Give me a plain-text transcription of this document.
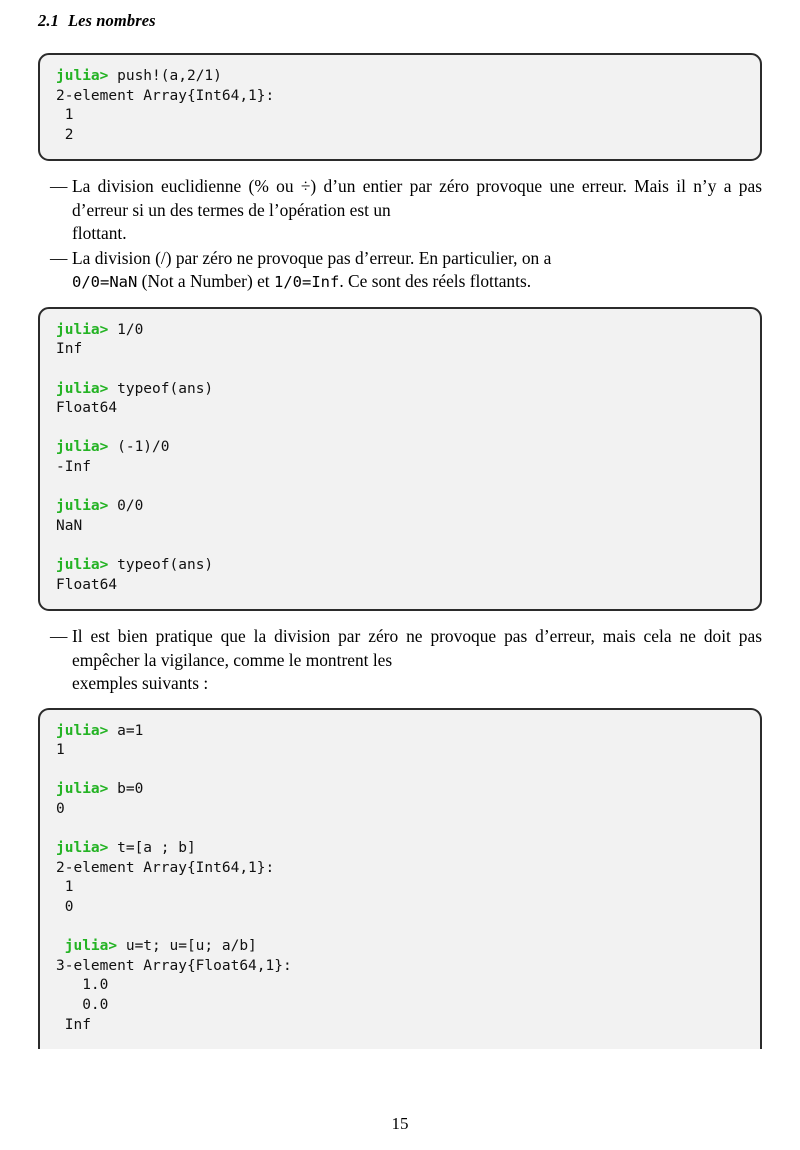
2.1 Les nombres
julia> push!(a,2/1)
2-element Array{Int64,1}:
1
2
— La division euclidienne (% ou ÷) d’un entier par zéro provoque une erreur. Mais il n’y a pas d’erreur si un des termes de l’opération est un
flottant.
— La division (/) par zéro ne provoque pas d’erreur. En particulier, on a
0/0=NaN (Not a Number) et 1/0=Inf. Ce sont des réels flottants.
julia> 1/0
Inf

julia> typeof(ans)
Float64

julia> (-1)/0
-Inf

julia> 0/0
NaN

julia> typeof(ans)
Float64
— Il est bien pratique que la division par zéro ne provoque pas d’erreur, mais cela ne doit pas empêcher la vigilance, comme le montrent les
exemples suivants :
julia> a=1
1

julia> b=0
0

julia> t=[a ; b]
2-element Array{Int64,1}:
1
0

julia> u=t; u=[u; a/b]
3-element Array{Float64,1}:
1.0
0.0
Inf
15
